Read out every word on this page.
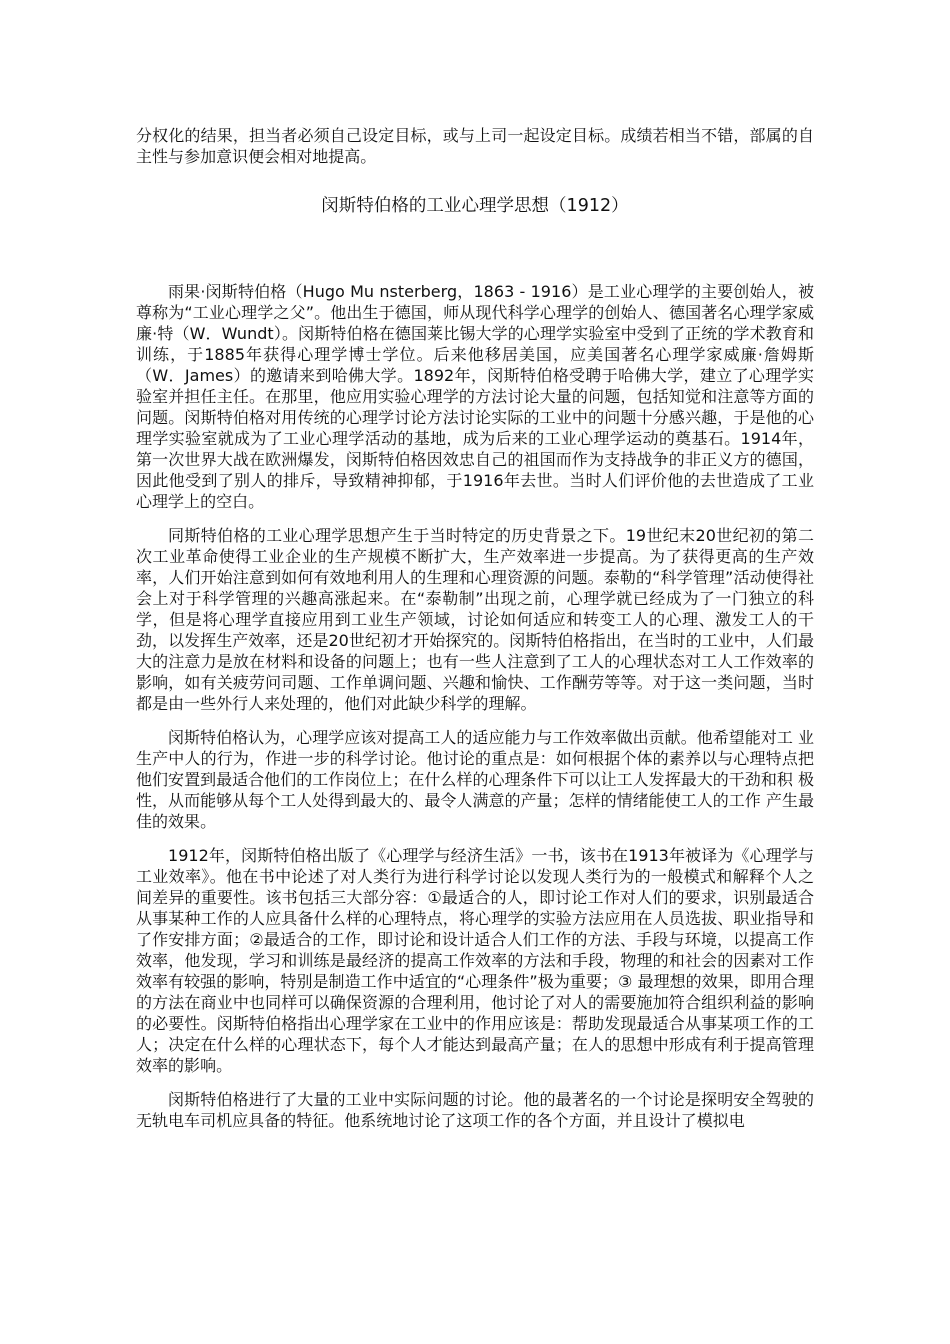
分权化的结果，担当者必须自己设定目标，或与上司一起设定目标。成绩若相当不错，部属的自主性与参加意识便会相对地提高。

闵斯特伯格的工业心理学思想（1912）

雨果·闵斯特伯格（Hugo Mu nsterberg，1863 - 1916）是工业心理学的主要创始人，被尊称为“工业心理学之父”。他出生于德国，师从现代科学心理学的创始人、德国著名心理学家威廉·特（W．Wundt）。闵斯特伯格在德国莱比锡大学的心理学实验室中受到了正统的学术教育和训练，于1885年获得心理学博士学位。后来他移居美国，应美国著名心理学家威廉·詹姆斯（W．James）的邀请来到哈佛大学。1892年，闵斯特伯格受聘于哈佛大学，建立了心理学实验室并担任主任。在那里，他应用实验心理学的方法讨论大量的问题，包括知觉和注意等方面的问题。闵斯特伯格对用传统的心理学讨论方法讨论实际的工业中的问题十分感兴趣，于是他的心理学实验室就成为了工业心理学活动的基地，成为后来的工业心理学运动的奠基石。1914年，第一次世界大战在欧洲爆发，闵斯特伯格因效忠自己的祖国而作为支持战争的非正义方的德国，因此他受到了别人的排斥，导致精神抑郁，于1916年去世。当时人们评价他的去世造成了工业心理学上的空白。

同斯特伯格的工业心理学思想产生于当时特定的历史背景之下。19世纪末20世纪初的第二次工业革命使得工业企业的生产规模不断扩大，生产效率进一步提高。为了获得更高的生产效率，人们开始注意到如何有效地利用人的生理和心理资源的问题。泰勒的“科学管理”活动使得社会上对于科学管理的兴趣高涨起来。在“泰勒制”出现之前，心理学就已经成为了一门独立的科学，但是将心理学直接应用到工业生产领域，讨论如何适应和转变工人的心理、激发工人的干劲，以发挥生产效率，还是20世纪初才开始探究的。闵斯特伯格指出，在当时的工业中，人们最大的注意力是放在材料和设备的问题上；也有一些人注意到了工人的心理状态对工人工作效率的影响，如有关疲劳问司题、工作单调问题、兴趣和愉快、工作酬劳等等。对于这一类问题，当时都是由一些外行人来处理的，他们对此缺少科学的理解。

闵斯特伯格认为，心理学应该对提高工人的适应能力与工作效率做出贡献。他希望能对工 业 生产中人的行为，作进一步的科学讨论。他讨论的重点是：如何根据个体的素养以与心理特点把他们安置到最适合他们的工作岗位上；在什么样的心理条件下可以让工人发挥最大的干劲和积 极性，从而能够从每个工人处得到最大的、最令人满意的产量；怎样的情绪能使工人的工作 产生最佳的效果。

1912年，闵斯特伯格出版了《心理学与经济生活》一书，该书在1913年被译为《心理学与工业效率》。他在书中论述了对人类行为进行科学讨论以发现人类行为的一般模式和解释个人之间差异的重要性。该书包括三大部分容：①最适合的人，即讨论工作对人们的要求，识别最适合从事某种工作的人应具备什么样的心理特点，将心理学的实验方法应用在人员选拔、职业指导和了作安排方面；②最适合的工作，即讨论和设计适合人们工作的方法、手段与环境，以提高工作效率，他发现，学习和训练是最经济的提高工作效率的方法和手段，物理的和社会的因素对工作效率有较强的影响，特别是制造工作中适宜的“心理条件”极为重要；③ 最理想的效果，即用合理的方法在商业中也同样可以确保资源的合理利用，他讨论了对人的需要施加符合组织利益的影响的必要性。闵斯特伯格指出心理学家在工业中的作用应该是：帮助发现最适合从事某项工作的工人；决定在什么样的心理状态下，每个人才能达到最高产量；在人的思想中形成有利于提高管理效率的影响。

闵斯特伯格进行了大量的工业中实际问题的讨论。他的最著名的一个讨论是探明安全驾驶的无轨电车司机应具备的特征。他系统地讨论了这项工作的各个方面，并且设计了模拟电
